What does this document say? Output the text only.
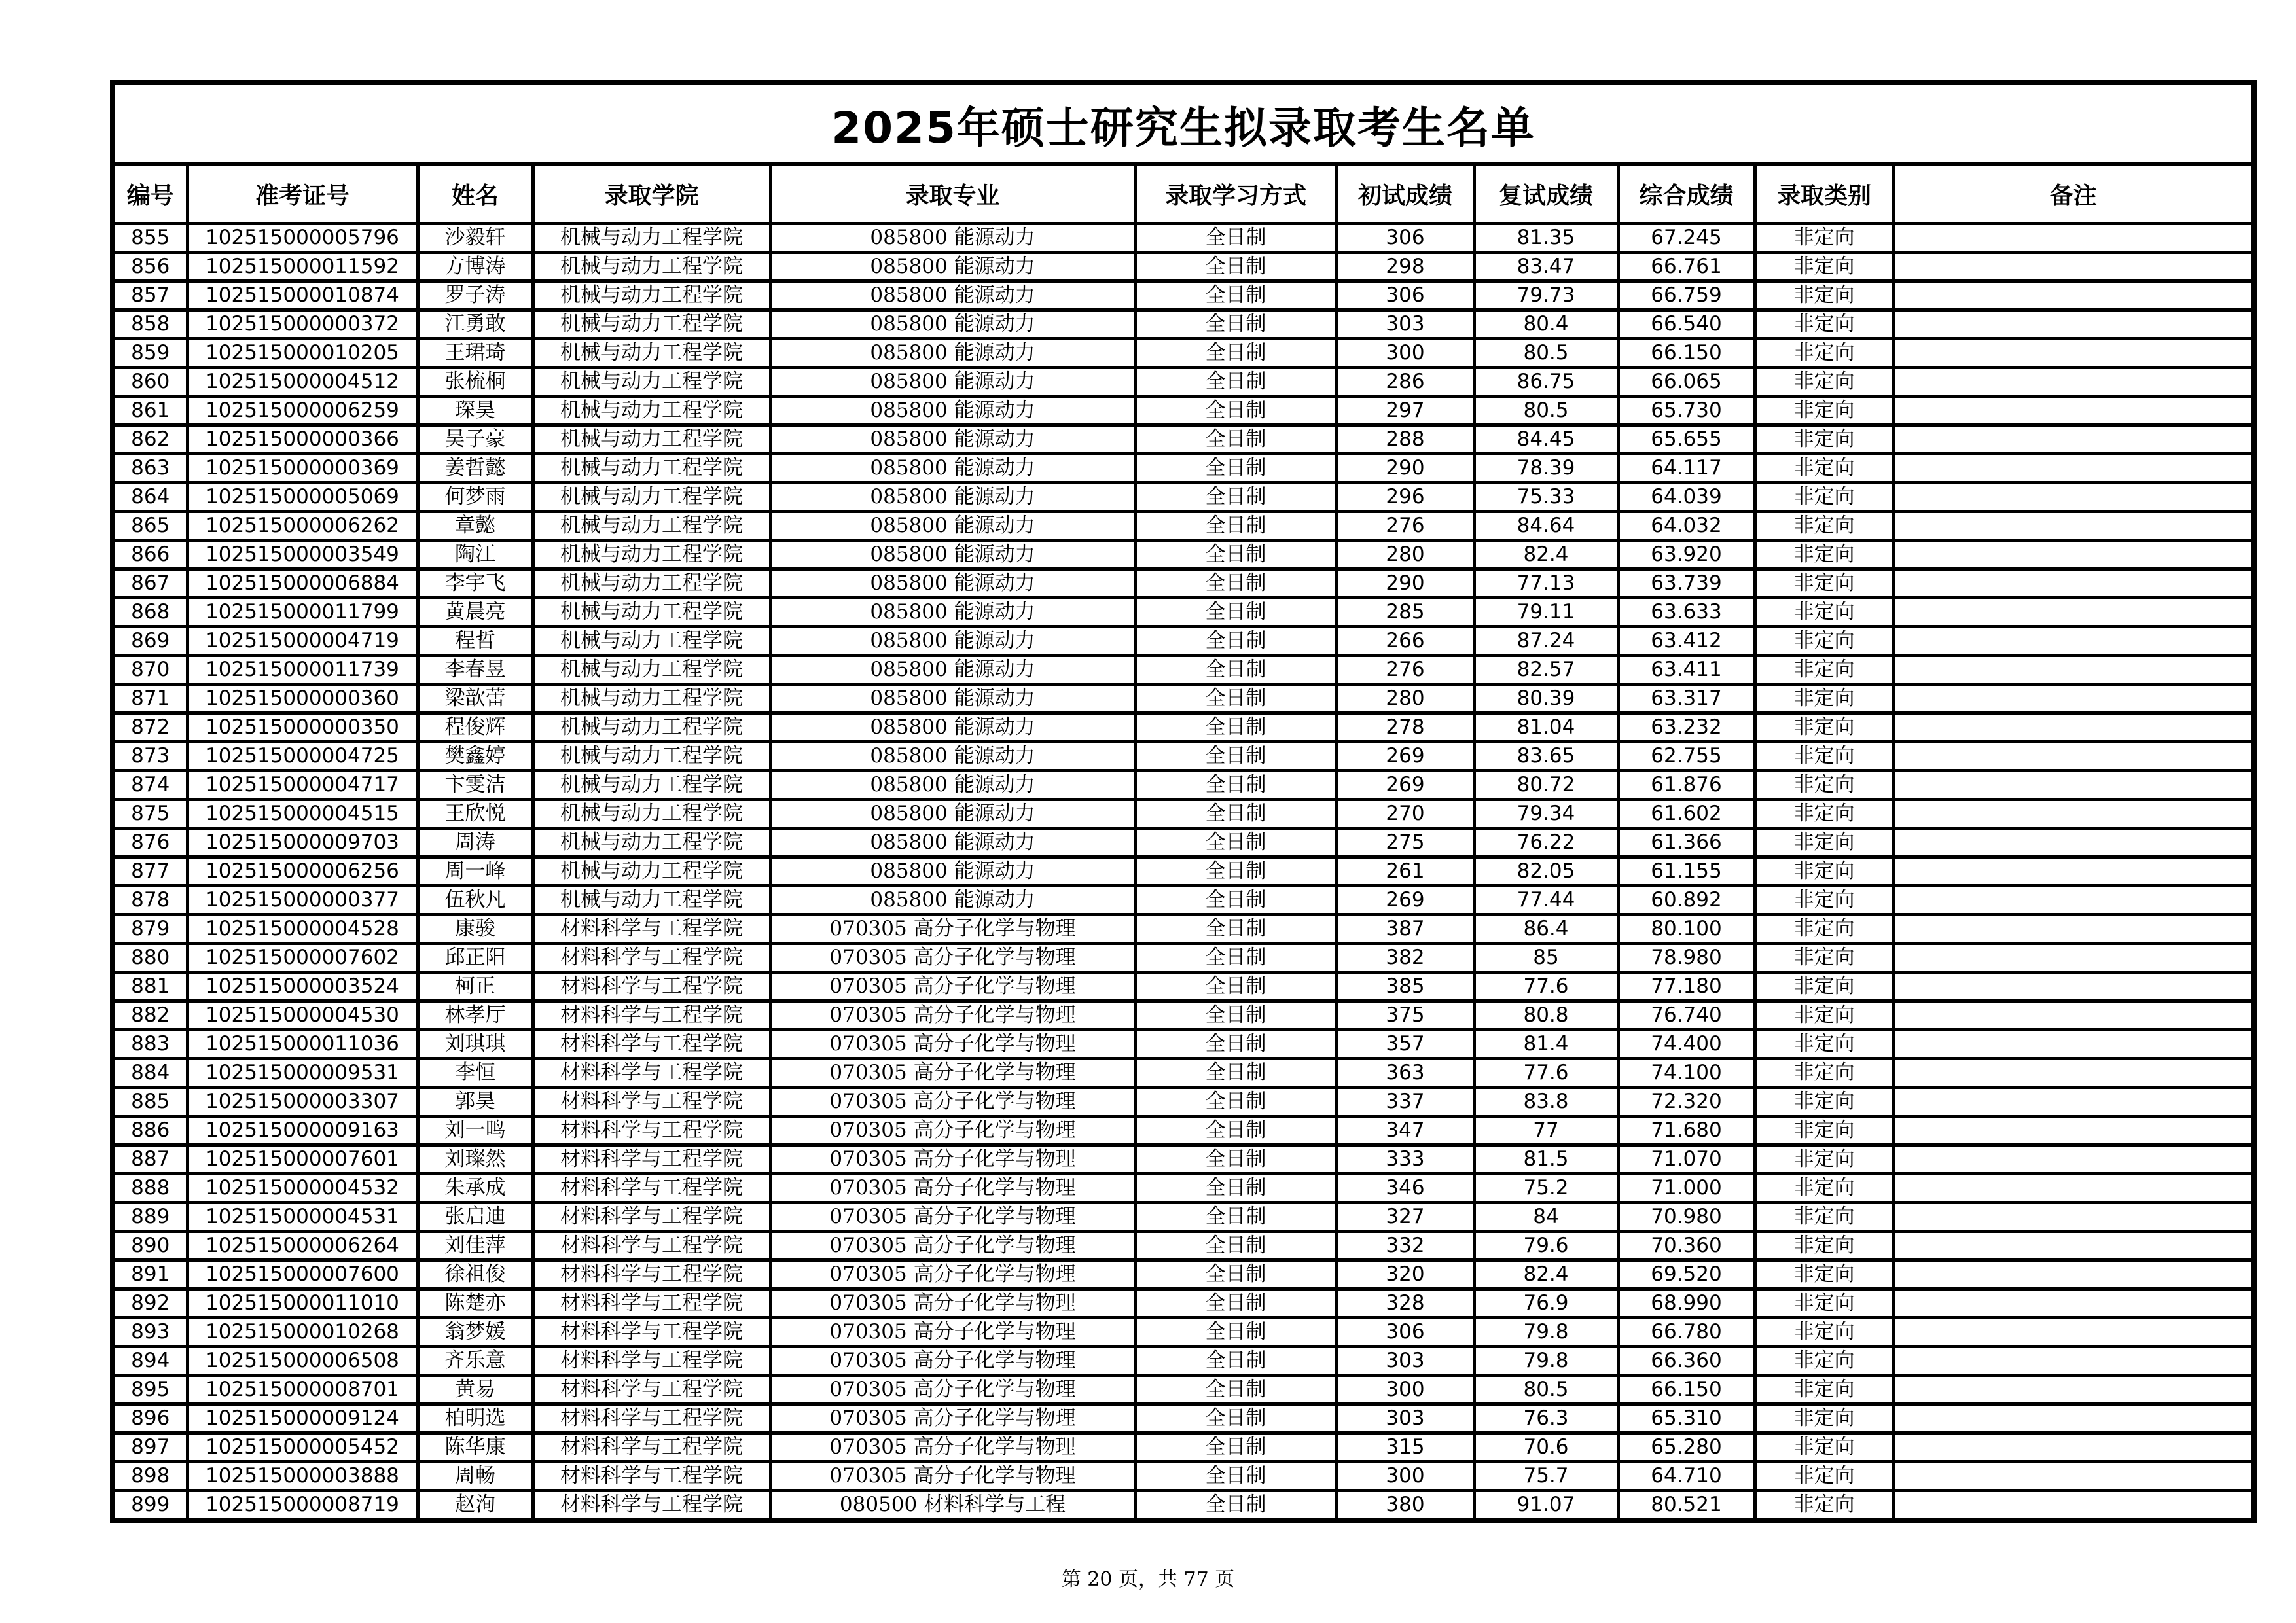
2025年硕士研究生拟录取考生名单										
编号	准考证号	姓名	录取学院	录取专业	录取学习方式	初试成绩	复试成绩	综合成绩	录取类别	备注
855	102515000005796	沙毅轩	机械与动力工程学院	085800 能源动力	全日制	306	81.35	67.245	非定向	
856	102515000011592	方博涛	机械与动力工程学院	085800 能源动力	全日制	298	83.47	66.761	非定向	
857	102515000010874	罗子涛	机械与动力工程学院	085800 能源动力	全日制	306	79.73	66.759	非定向	
858	102515000000372	江勇敢	机械与动力工程学院	085800 能源动力	全日制	303	80.4	66.540	非定向	
859	102515000010205	王珺琦	机械与动力工程学院	085800 能源动力	全日制	300	80.5	66.150	非定向	
860	102515000004512	张梳桐	机械与动力工程学院	085800 能源动力	全日制	286	86.75	66.065	非定向	
861	102515000006259	琛昊	机械与动力工程学院	085800 能源动力	全日制	297	80.5	65.730	非定向	
862	102515000000366	吴子豪	机械与动力工程学院	085800 能源动力	全日制	288	84.45	65.655	非定向	
863	102515000000369	姜哲懿	机械与动力工程学院	085800 能源动力	全日制	290	78.39	64.117	非定向	
864	102515000005069	何梦雨	机械与动力工程学院	085800 能源动力	全日制	296	75.33	64.039	非定向	
865	102515000006262	章懿	机械与动力工程学院	085800 能源动力	全日制	276	84.64	64.032	非定向	
866	102515000003549	陶江	机械与动力工程学院	085800 能源动力	全日制	280	82.4	63.920	非定向	
867	102515000006884	李宇飞	机械与动力工程学院	085800 能源动力	全日制	290	77.13	63.739	非定向	
868	102515000011799	黄晨亮	机械与动力工程学院	085800 能源动力	全日制	285	79.11	63.633	非定向	
869	102515000004719	程哲	机械与动力工程学院	085800 能源动力	全日制	266	87.24	63.412	非定向	
870	102515000011739	李春昱	机械与动力工程学院	085800 能源动力	全日制	276	82.57	63.411	非定向	
871	102515000000360	梁歆蕾	机械与动力工程学院	085800 能源动力	全日制	280	80.39	63.317	非定向	
872	102515000000350	程俊辉	机械与动力工程学院	085800 能源动力	全日制	278	81.04	63.232	非定向	
873	102515000004725	樊鑫婷	机械与动力工程学院	085800 能源动力	全日制	269	83.65	62.755	非定向	
874	102515000004717	卞雯洁	机械与动力工程学院	085800 能源动力	全日制	269	80.72	61.876	非定向	
875	102515000004515	王欣悦	机械与动力工程学院	085800 能源动力	全日制	270	79.34	61.602	非定向	
876	102515000009703	周涛	机械与动力工程学院	085800 能源动力	全日制	275	76.22	61.366	非定向	
877	102515000006256	周一峰	机械与动力工程学院	085800 能源动力	全日制	261	82.05	61.155	非定向	
878	102515000000377	伍秋凡	机械与动力工程学院	085800 能源动力	全日制	269	77.44	60.892	非定向	
879	102515000004528	康骏	材料科学与工程学院	070305 高分子化学与物理	全日制	387	86.4	80.100	非定向	
880	102515000007602	邱正阳	材料科学与工程学院	070305 高分子化学与物理	全日制	382	85	78.980	非定向	
881	102515000003524	柯正	材料科学与工程学院	070305 高分子化学与物理	全日制	385	77.6	77.180	非定向	
882	102515000004530	林孝厅	材料科学与工程学院	070305 高分子化学与物理	全日制	375	80.8	76.740	非定向	
883	102515000011036	刘琪琪	材料科学与工程学院	070305 高分子化学与物理	全日制	357	81.4	74.400	非定向	
884	102515000009531	李恒	材料科学与工程学院	070305 高分子化学与物理	全日制	363	77.6	74.100	非定向	
885	102515000003307	郭昊	材料科学与工程学院	070305 高分子化学与物理	全日制	337	83.8	72.320	非定向	
886	102515000009163	刘一鸣	材料科学与工程学院	070305 高分子化学与物理	全日制	347	77	71.680	非定向	
887	102515000007601	刘璨然	材料科学与工程学院	070305 高分子化学与物理	全日制	333	81.5	71.070	非定向	
888	102515000004532	朱承成	材料科学与工程学院	070305 高分子化学与物理	全日制	346	75.2	71.000	非定向	
889	102515000004531	张启迪	材料科学与工程学院	070305 高分子化学与物理	全日制	327	84	70.980	非定向	
890	102515000006264	刘佳萍	材料科学与工程学院	070305 高分子化学与物理	全日制	332	79.6	70.360	非定向	
891	102515000007600	徐祖俊	材料科学与工程学院	070305 高分子化学与物理	全日制	320	82.4	69.520	非定向	
892	102515000011010	陈楚亦	材料科学与工程学院	070305 高分子化学与物理	全日制	328	76.9	68.990	非定向	
893	102515000010268	翁梦媛	材料科学与工程学院	070305 高分子化学与物理	全日制	306	79.8	66.780	非定向	
894	102515000006508	齐乐意	材料科学与工程学院	070305 高分子化学与物理	全日制	303	79.8	66.360	非定向	
895	102515000008701	黄易	材料科学与工程学院	070305 高分子化学与物理	全日制	300	80.5	66.150	非定向	
896	102515000009124	柏明选	材料科学与工程学院	070305 高分子化学与物理	全日制	303	76.3	65.310	非定向	
897	102515000005452	陈华康	材料科学与工程学院	070305 高分子化学与物理	全日制	315	70.6	65.280	非定向	
898	102515000003888	周畅	材料科学与工程学院	070305 高分子化学与物理	全日制	300	75.7	64.710	非定向	
899	102515000008719	赵洵	材料科学与工程学院	080500 材料科学与工程	全日制	380	91.07	80.521	非定向	
第 20 页，共 77 页
